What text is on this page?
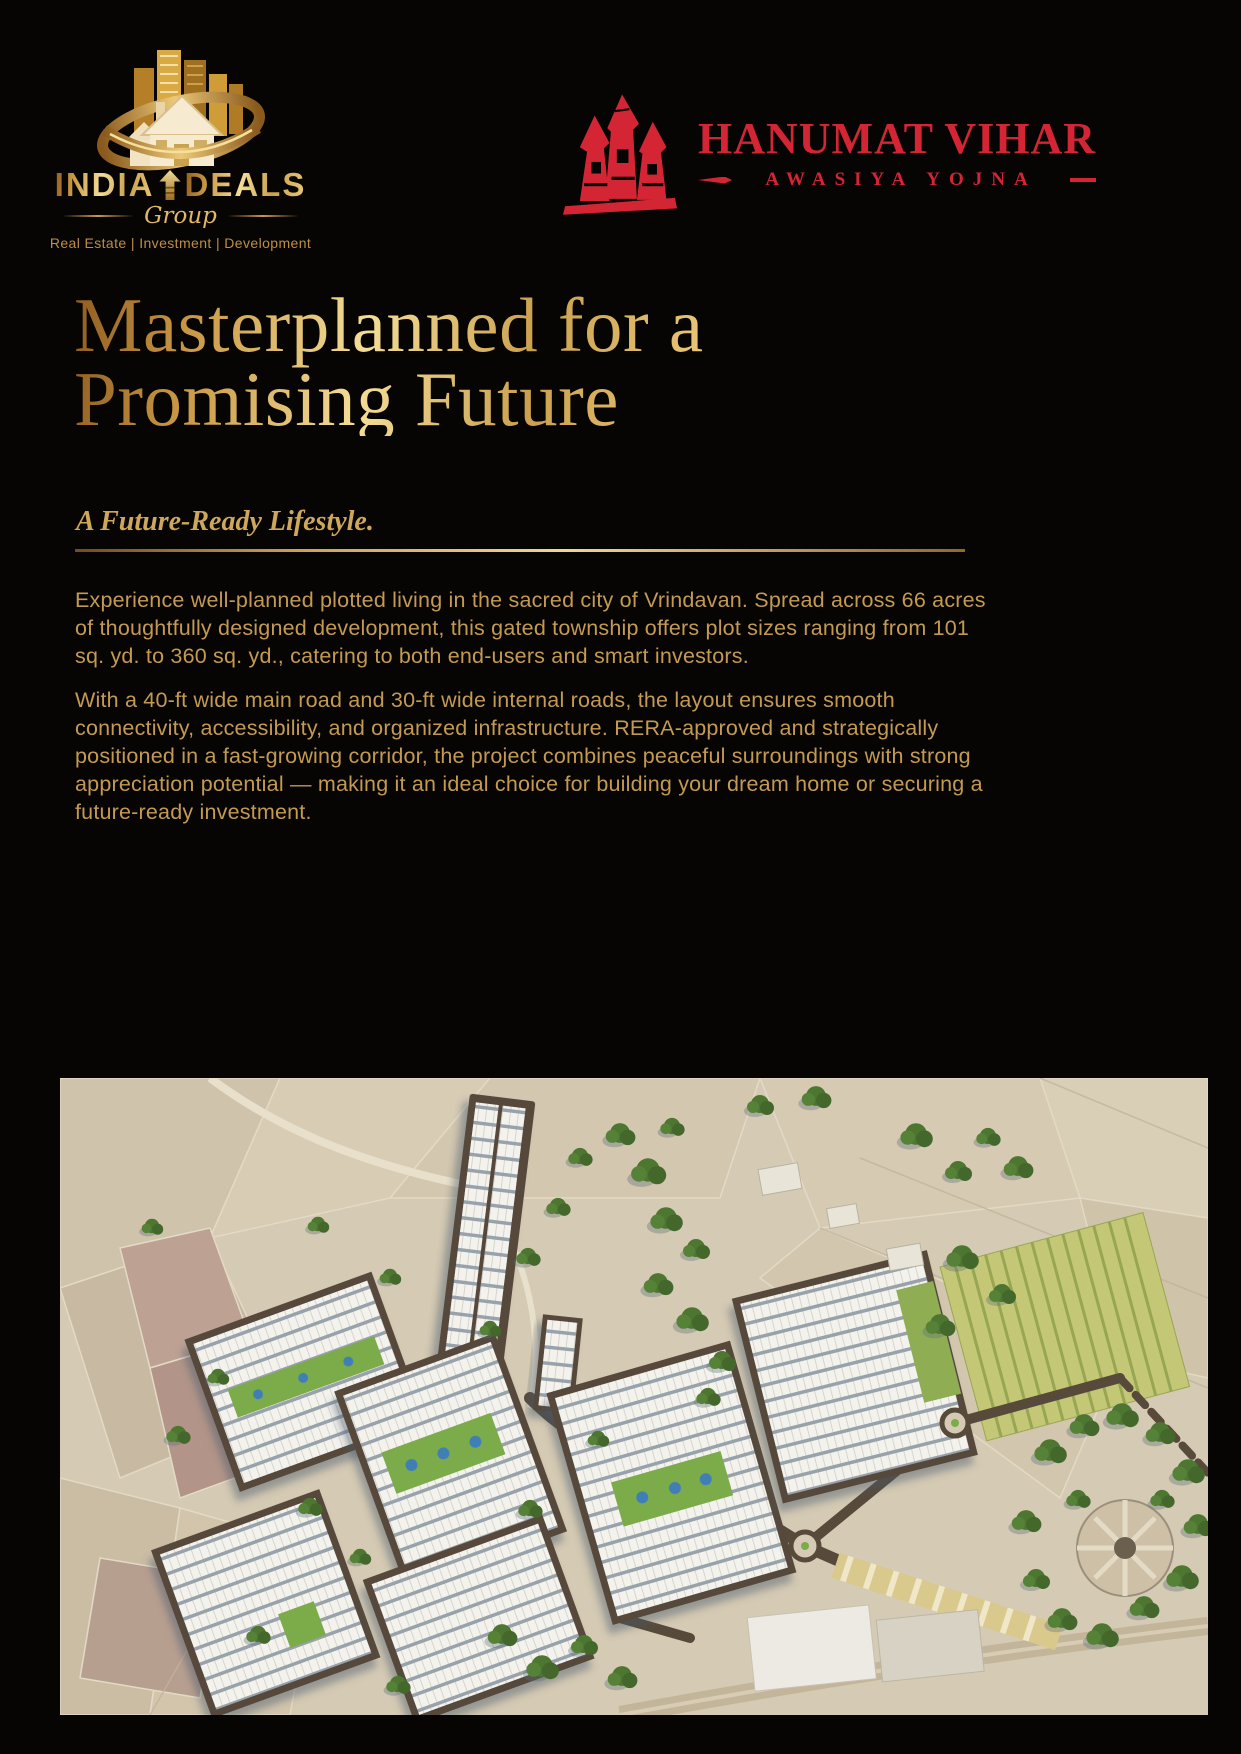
INDIA DEALS
Group
Real Estate | Investment | Development
HANUMAT VIHAR
AWASIYA YOJNA
Masterplanned for a
Promising Future
A Future-Ready Lifestyle.

Experience well-planned plotted living in the sacred city of Vrindavan. Spread across 66 acres of thoughtfully designed development, this gated township offers plot sizes ranging from 101 sq. yd. to 360 sq. yd., catering to both end-users and smart investors.

With a 40-ft wide main road and 30-ft wide internal roads, the layout ensures smooth connectivity, accessibility, and organized infrastructure. RERA-approved and strategically positioned in a fast-growing corridor, the project combines peaceful surroundings with strong appreciation potential — making it an ideal choice for building your dream home or securing a future-ready investment.
